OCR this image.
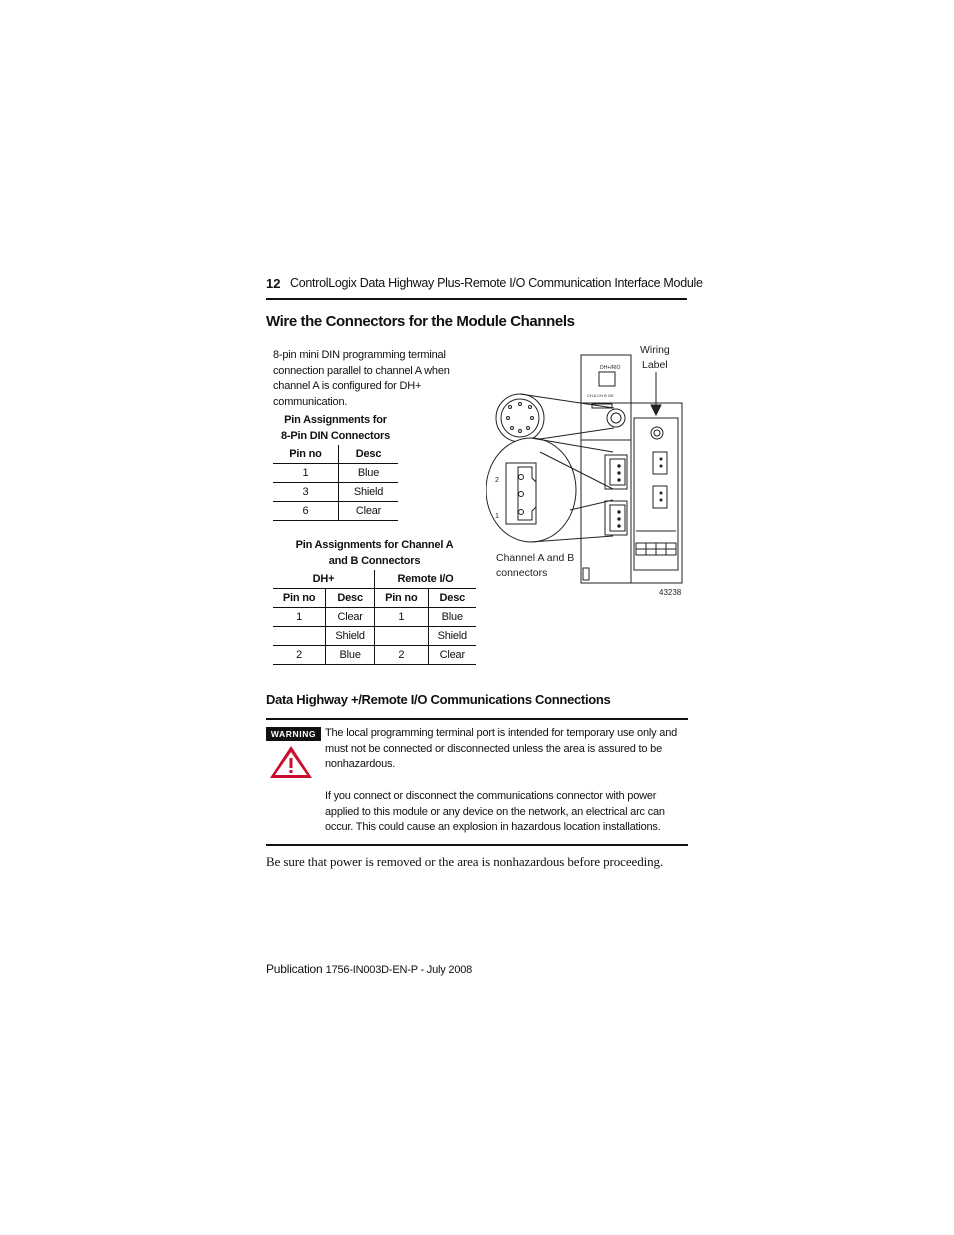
12 ControlLogix Data Highway Plus-Remote I/O Communication Interface Module
Wire the Connectors for the Module Channels
8-pin mini DIN programming terminal connection parallel to channel A when channel A is configured for DH+ communication.
Pin Assignments for
8-Pin DIN Connectors
Pin no	Desc
1	Blue
3	Shield
6	Clear
Pin Assignments for Channel A
and B Connectors
DH+		Remote I/O	
Pin no	Desc	Pin no	Desc
1	Clear	1	Blue
	Shield		Shield
2	Blue	2	Clear
DH+/RIO
CH A CH B OK
Wiring
Label
2
1
Channel A and B
connectors
43238
Data Highway +/Remote I/O Communications Connections
WARNING The local programming terminal port is intended for temporary use only and must not be connected or disconnected unless the area is assured to be nonhazardous.
If you connect or disconnect the communications connector with power applied to this module or any device on the network, an electrical arc can occur. This could cause an explosion in hazardous location installations.
Be sure that power is removed or the area is nonhazardous before proceeding.
Publication 1756-IN003D-EN-P - July 2008
